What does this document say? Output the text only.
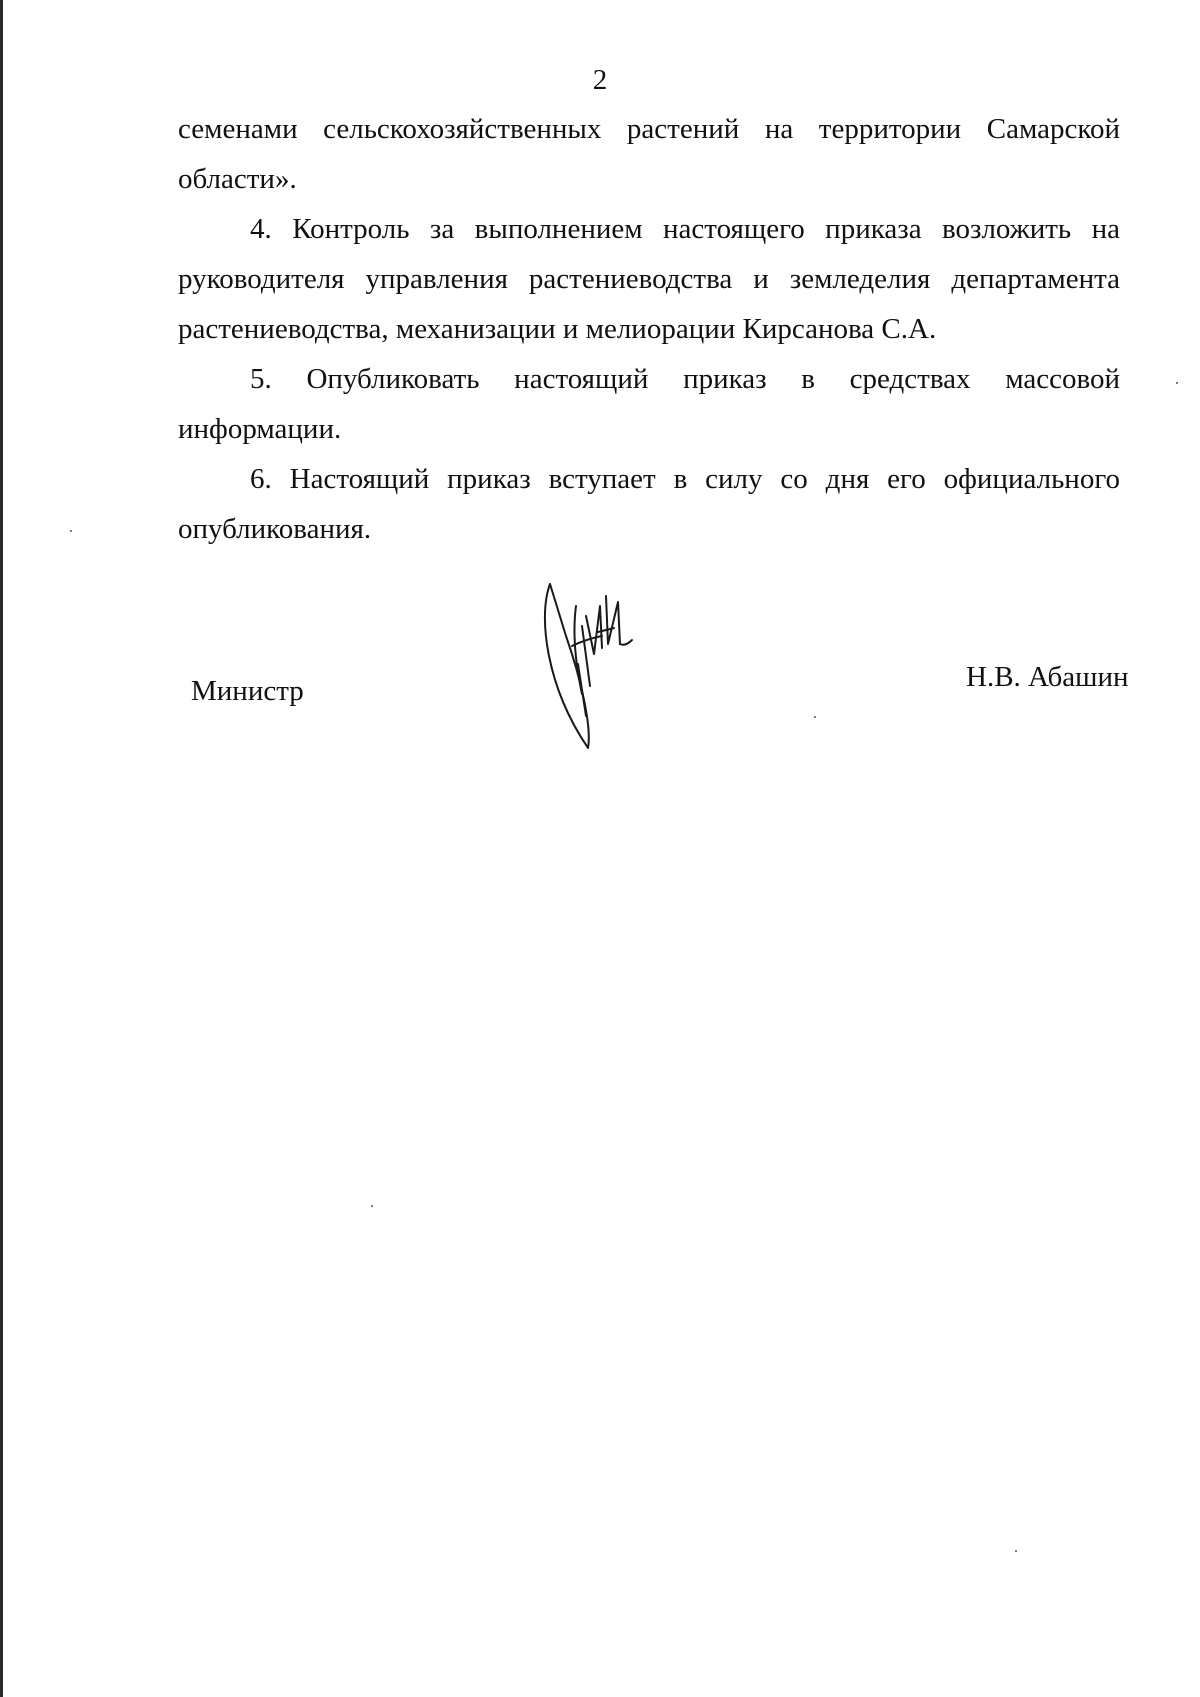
2

семенами сельскохозяйственных растений на территории Самарской области».

4. Контроль за выполнением настоящего приказа возложить на руководителя управления растениеводства и земледелия департамента растениеводства, механизации и мелиорации Кирсанова С.А.

5. Опубликовать настоящий приказ в средствах массовой информации.

6. Настоящий приказ вступает в силу со дня его официального опубликования.

Министр	Н.В. Абашин
